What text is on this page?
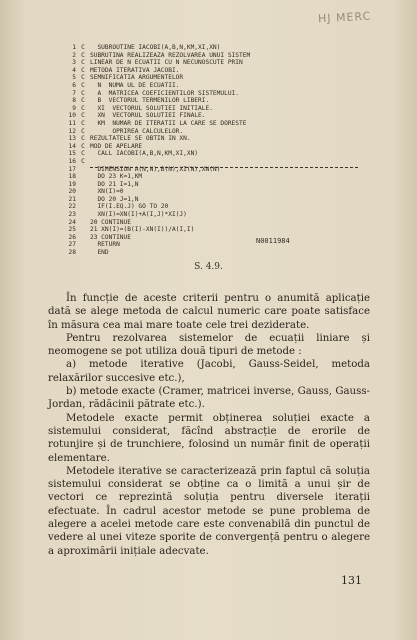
HJ MERC
1 C SUBROUTINE IACOBI(A,B,N,KM,XI,XN)
2 C SUBRUTINA REALIZEAZA REZOLVAREA UNUI SISTEM
3 C LINEAR DE N ECUATII CU N NECUNOSCUTE PRIN
4 C METODA ITERATIVA JACOBI.
5 C SEMNIFICATIA ARGUMENTELOR
6 C N  NUMA UL DE ECUATII.
7 C A  MATRICEA COEFICIENTILOR SISTEMULUI.
8 C B  VECTORUL TERMENILOR LIBERI.
9 C XI  VECTORUL SOLUTIEI INITIALE.
10 C XN  VECTORUL SOLUTIEI FINALE.
11 C KM  NUMAR DE ITERATII LA CARE SE DORESTE
12 C OPRIREA CALCULELOR.
13 C REZULTATELE SE OBTIN IN XN.
14 C MOD DE APELARE
15 C CALL IACOBI(A,B,N,KM,XI,XN)
16 C
17 DIMENSION A(N,N),B(N),XI(N),XN(N)
18 DO 23 K=1,KM
19 DO 21 I=1,N
20 XN(I)=0
21 DO 20 J=1,N
22 IF(I.EQ.J) GO TO 20
23 XN(I)=XN(I)+A(I,J)*XI(J)
24 20 CONTINUE
25 21 XN(I)=(B(I)-XN(I))/A(I,I)
26 23 CONTINUE
27 RETURN
28 END
N0011984
S. 4.9.

În funcție de aceste criterii pentru o anumită aplicație dată se alege metoda de calcul numeric care poate satisface în măsura cea mai mare toate cele trei deziderate.

Pentru rezolvarea sistemelor de ecuații liniare și neomogene se pot utiliza două tipuri de metode :

a) metode iterative (Jacobi, Gauss-Seidel, metoda relaxărilor succesive etc.),

b) metode exacte (Cramer, matricei inverse, Gauss, Gauss-Jordan, rădăcinii pătrate etc.).

Metodele exacte permit obținerea soluției exacte a sistemului considerat, făcînd abstracție de erorile de rotunjire și de trunchiere, folosind un număr finit de operații elementare.

Metodele iterative se caracterizează prin faptul că soluția sistemului considerat se obține ca o limită a unui șir de vectori ce reprezintă soluția pentru diversele iterații efectuate. În cadrul acestor metode se pune problema de alegere a acelei metode care este convenabilă din punctul de vedere al unei viteze sporite de convergență pentru o alegere a aproximării inițiale adecvate.

131
